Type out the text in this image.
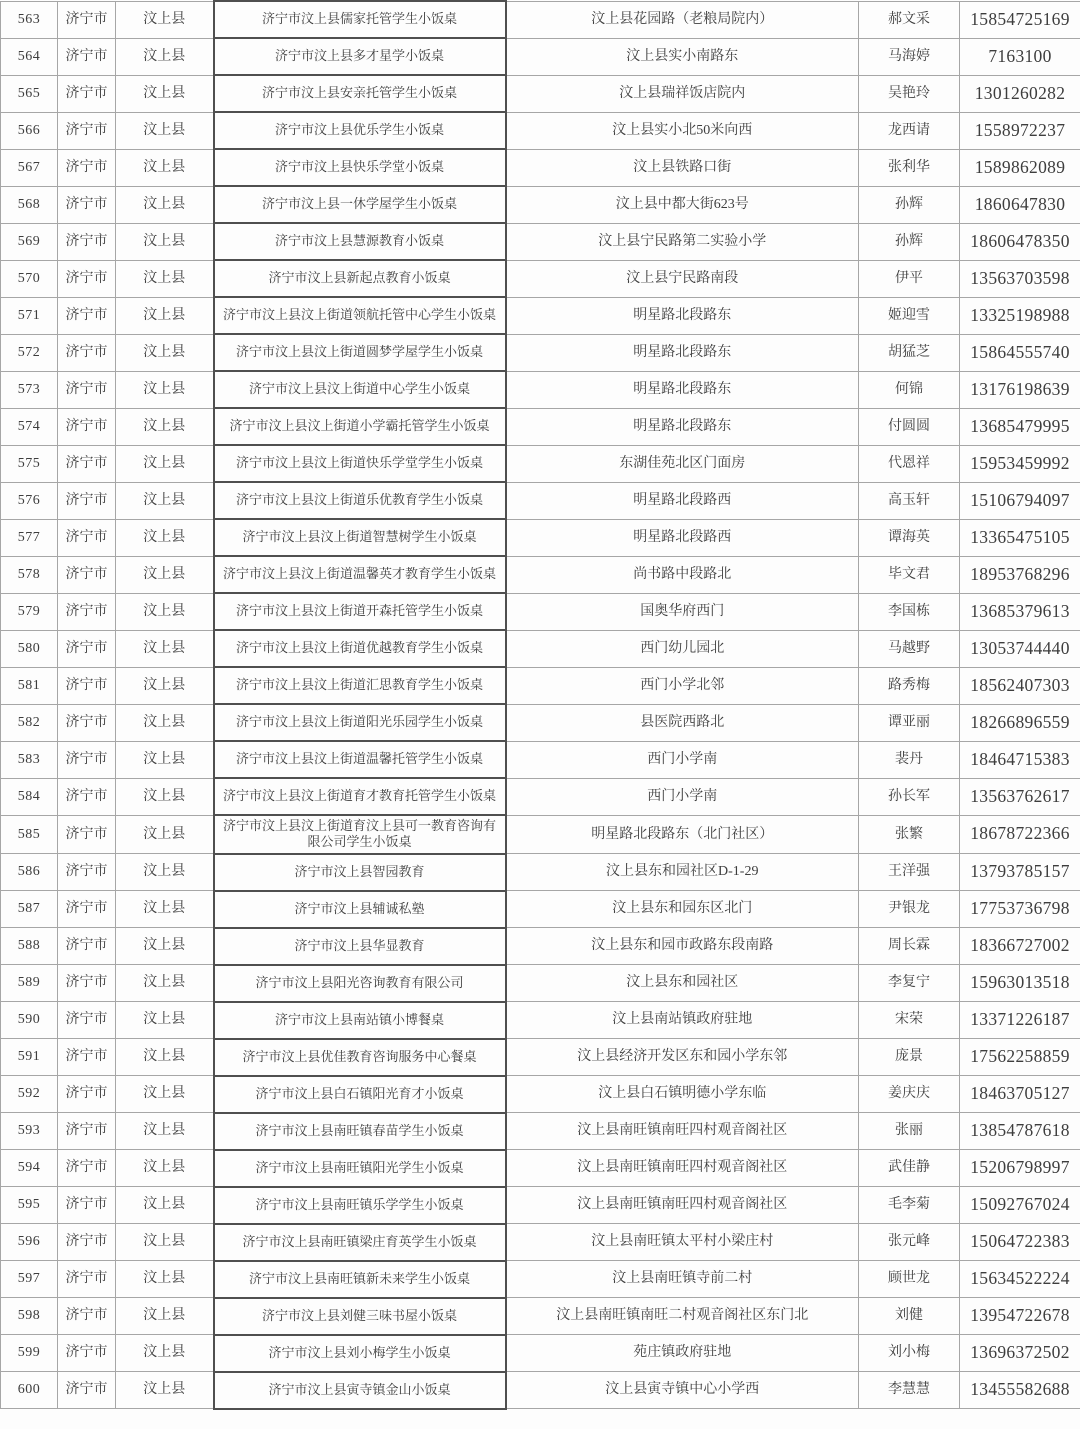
563	济宁市	汶上县	济宁市汶上县儒家托管学生小饭桌	汶上县花园路（老粮局院内）	郝文采	15854725169
564	济宁市	汶上县	济宁市汶上县多才星学小饭桌	汶上县实小南路东	马海婷	7163100
565	济宁市	汶上县	济宁市汶上县安亲托管学生小饭桌	汶上县瑞祥饭店院内	吴艳玲	1301260282
566	济宁市	汶上县	济宁市汶上县优乐学生小饭桌	汶上县实小北50米向西	龙西请	1558972237
567	济宁市	汶上县	济宁市汶上县快乐学堂小饭桌	汶上县铁路口街	张利华	1589862089
568	济宁市	汶上县	济宁市汶上县一休学屋学生小饭桌	汶上县中都大街623号	孙辉	1860647830
569	济宁市	汶上县	济宁市汶上县慧源教育小饭桌	汶上县宁民路第二实验小学	孙辉	18606478350
570	济宁市	汶上县	济宁市汶上县新起点教育小饭桌	汶上县宁民路南段	伊平	13563703598
571	济宁市	汶上县	济宁市汶上县汶上街道领航托管中心学生小饭桌	明星路北段路东	姬迎雪	13325198988
572	济宁市	汶上县	济宁市汶上县汶上街道圆梦学屋学生小饭桌	明星路北段路东	胡猛芝	15864555740
573	济宁市	汶上县	济宁市汶上县汶上街道中心学生小饭桌	明星路北段路东	何锦	13176198639
574	济宁市	汶上县	济宁市汶上县汶上街道小学霸托管学生小饭桌	明星路北段路东	付圆圆	13685479995
575	济宁市	汶上县	济宁市汶上县汶上街道快乐学堂学生小饭桌	东湖佳苑北区门面房	代恩祥	15953459992
576	济宁市	汶上县	济宁市汶上县汶上街道乐优教育学生小饭桌	明星路北段路西	高玉轩	15106794097
577	济宁市	汶上县	济宁市汶上县汶上街道智慧树学生小饭桌	明星路北段路西	谭海英	13365475105
578	济宁市	汶上县	济宁市汶上县汶上街道温馨英才教育学生小饭桌	尚书路中段路北	毕文君	18953768296
579	济宁市	汶上县	济宁市汶上县汶上街道开森托管学生小饭桌	国奥华府西门	李国栋	13685379613
580	济宁市	汶上县	济宁市汶上县汶上街道优越教育学生小饭桌	西门幼儿园北	马越野	13053744440
581	济宁市	汶上县	济宁市汶上县汶上街道汇思教育学生小饭桌	西门小学北邻	路秀梅	18562407303
582	济宁市	汶上县	济宁市汶上县汶上街道阳光乐园学生小饭桌	县医院西路北	谭亚丽	18266896559
583	济宁市	汶上县	济宁市汶上县汶上街道温馨托管学生小饭桌	西门小学南	裴丹	18464715383
584	济宁市	汶上县	济宁市汶上县汶上街道育才教育托管学生小饭桌	西门小学南	孙长军	13563762617
585	济宁市	汶上县	济宁市汶上县汶上街道育汶上县可一教育咨询有限公司学生小饭桌	明星路北段路东（北门社区）	张繁	18678722366
586	济宁市	汶上县	济宁市汶上县智园教育	汶上县东和园社区D-1-29	王洋强	13793785157
587	济宁市	汶上县	济宁市汶上县辅诚私塾	汶上县东和园东区北门	尹银龙	17753736798
588	济宁市	汶上县	济宁市汶上县华显教育	汶上县东和园市政路东段南路	周长霖	18366727002
589	济宁市	汶上县	济宁市汶上县阳光咨询教育有限公司	汶上县东和园社区	李复宁	15963013518
590	济宁市	汶上县	济宁市汶上县南站镇小博餐桌	汶上县南站镇政府驻地	宋荣	13371226187
591	济宁市	汶上县	济宁市汶上县优佳教育咨询服务中心餐桌	汶上县经济开发区东和园小学东邻	庞景	17562258859
592	济宁市	汶上县	济宁市汶上县白石镇阳光育才小饭桌	汶上县白石镇明德小学东临	姜庆庆	18463705127
593	济宁市	汶上县	济宁市汶上县南旺镇春苗学生小饭桌	汶上县南旺镇南旺四村观音阁社区	张丽	13854787618
594	济宁市	汶上县	济宁市汶上县南旺镇阳光学生小饭桌	汶上县南旺镇南旺四村观音阁社区	武佳静	15206798997
595	济宁市	汶上县	济宁市汶上县南旺镇乐学学生小饭桌	汶上县南旺镇南旺四村观音阁社区	毛李菊	15092767024
596	济宁市	汶上县	济宁市汶上县南旺镇梁庄育英学生小饭桌	汶上县南旺镇太平村小梁庄村	张元峰	15064722383
597	济宁市	汶上县	济宁市汶上县南旺镇新未来学生小饭桌	汶上县南旺镇寺前二村	顾世龙	15634522224
598	济宁市	汶上县	济宁市汶上县刘健三味书屋小饭桌	汶上县南旺镇南旺二村观音阁社区东门北	刘健	13954722678
599	济宁市	汶上县	济宁市汶上县刘小梅学生小饭桌	苑庄镇政府驻地	刘小梅	13696372502
600	济宁市	汶上县	济宁市汶上县寅寺镇金山小饭桌	汶上县寅寺镇中心小学西	李慧慧	13455582688
